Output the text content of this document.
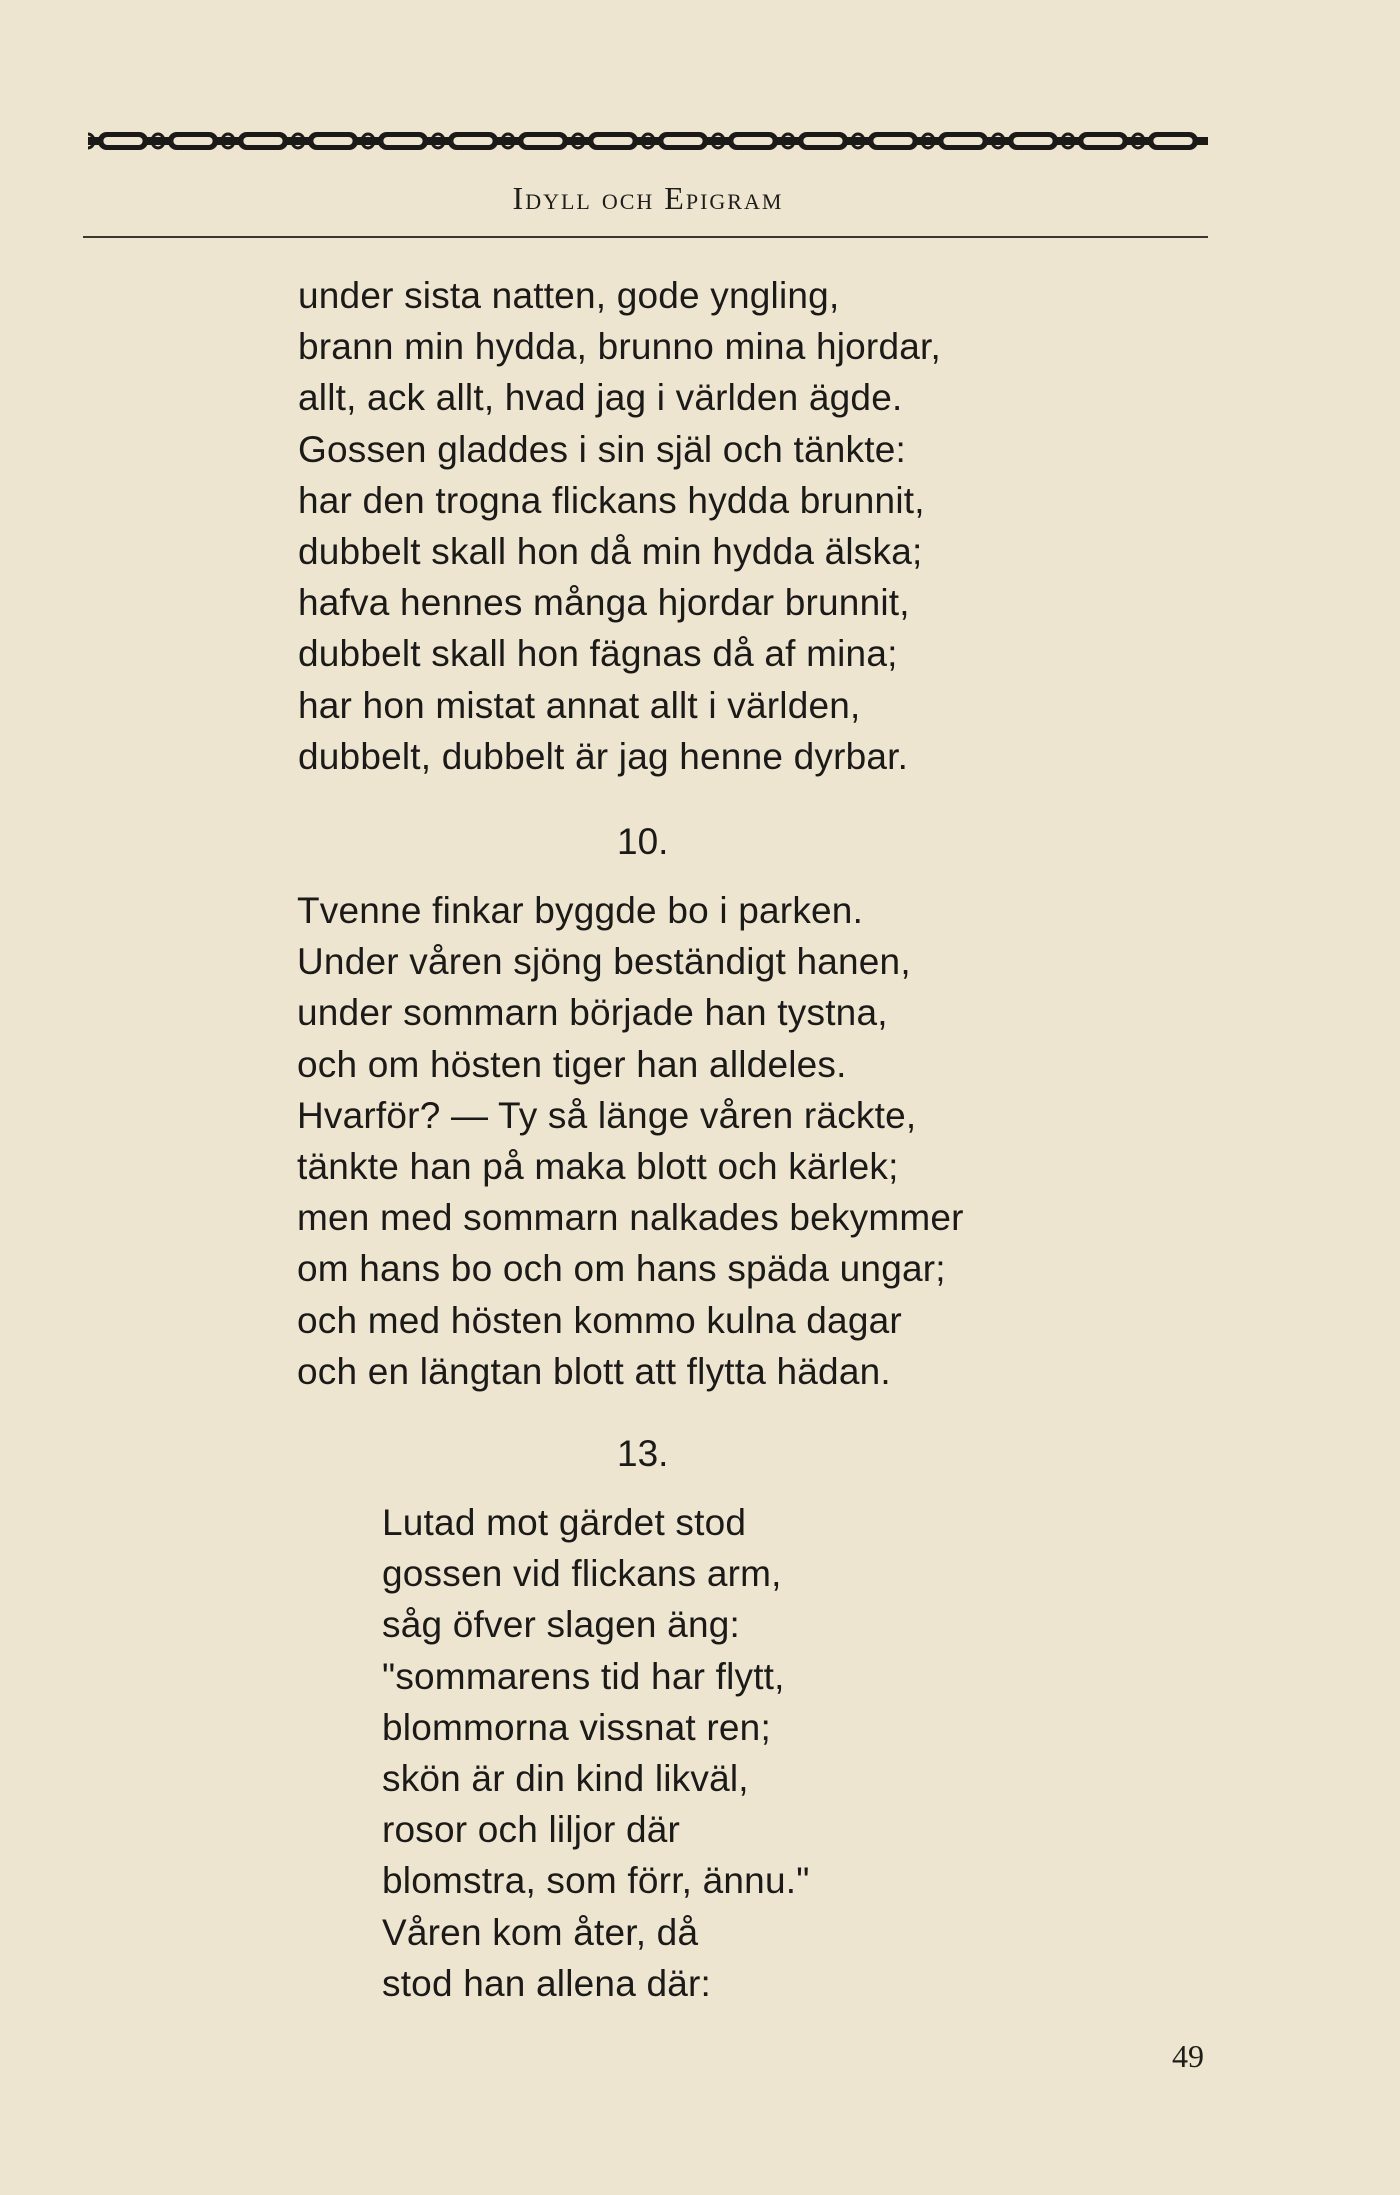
Idyll och Epigram
under sista natten, gode yngling,
brann min hydda, brunno mina hjordar,
allt, ack allt, hvad jag i världen ägde.
Gossen gladdes i sin själ och tänkte:
har den trogna flickans hydda brunnit,
dubbelt skall hon då min hydda älska;
hafva hennes många hjordar brunnit,
dubbelt skall hon fägnas då af mina;
har hon mistat annat allt i världen,
dubbelt, dubbelt är jag henne dyrbar.
10.
Tvenne finkar byggde bo i parken.
Under våren sjöng beständigt hanen,
under sommarn började han tystna,
och om hösten tiger han alldeles.
Hvarför? — Ty så länge våren räckte,
tänkte han på maka blott och kärlek;
men med sommarn nalkades bekymmer
om hans bo och om hans späda ungar;
och med hösten kommo kulna dagar
och en längtan blott att flytta hädan.
13.
Lutad mot gärdet stod
gossen vid flickans arm,
såg öfver slagen äng:
"sommarens tid har flytt,
blommorna vissnat ren;
skön är din kind likväl,
rosor och liljor där
blomstra, som förr, ännu."
Våren kom åter, då
stod han allena där:
49
